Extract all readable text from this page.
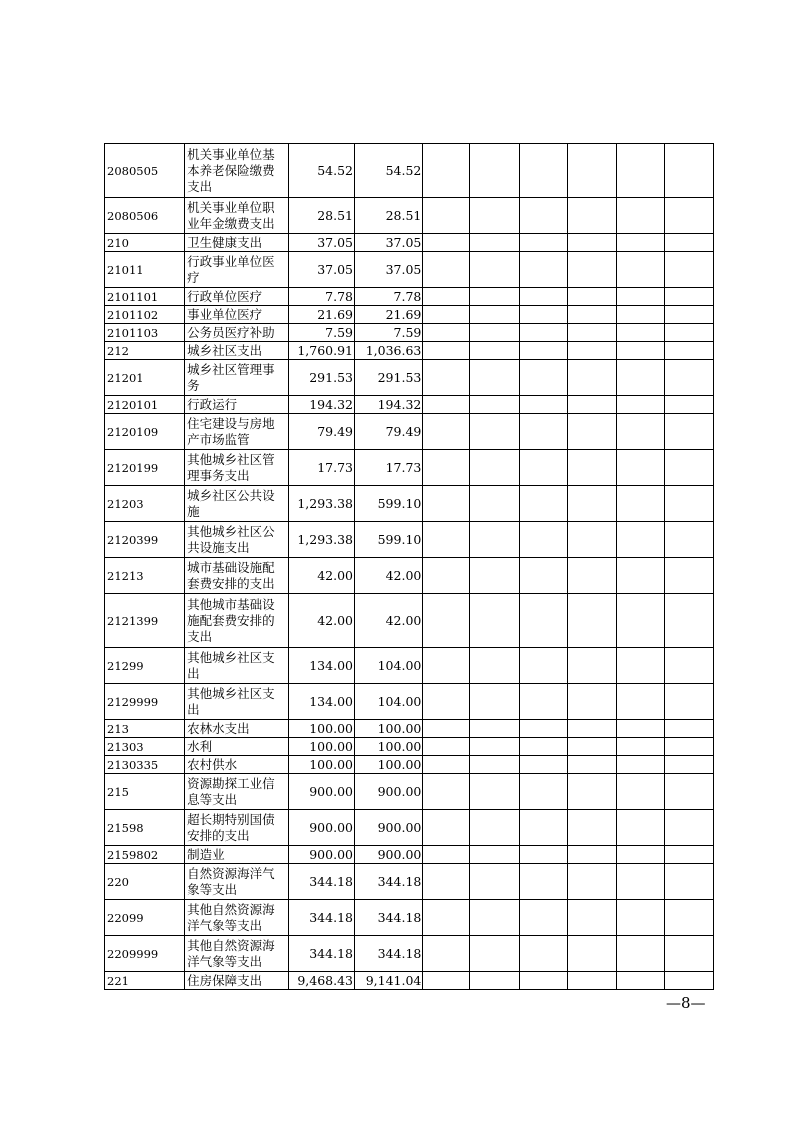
2080505	机关事业单位基本养老保险缴费支出	54.52	54.52						
2080506	机关事业单位职业年金缴费支出	28.51	28.51						
210	卫生健康支出	37.05	37.05						
21011	行政事业单位医疗	37.05	37.05						
2101101	行政单位医疗	7.78	7.78						
2101102	事业单位医疗	21.69	21.69						
2101103	公务员医疗补助	7.59	7.59						
212	城乡社区支出	1,760.91	1,036.63						
21201	城乡社区管理事务	291.53	291.53						
2120101	行政运行	194.32	194.32						
2120109	住宅建设与房地产市场监管	79.49	79.49						
2120199	其他城乡社区管理事务支出	17.73	17.73						
21203	城乡社区公共设施	1,293.38	599.10						
2120399	其他城乡社区公共设施支出	1,293.38	599.10						
21213	城市基础设施配套费安排的支出	42.00	42.00						
2121399	其他城市基础设施配套费安排的支出	42.00	42.00						
21299	其他城乡社区支出	134.00	104.00						
2129999	其他城乡社区支出	134.00	104.00						
213	农林水支出	100.00	100.00						
21303	水利	100.00	100.00						
2130335	农村供水	100.00	100.00						
215	资源勘探工业信息等支出	900.00	900.00						
21598	超长期特别国债安排的支出	900.00	900.00						
2159802	制造业	900.00	900.00						
220	自然资源海洋气象等支出	344.18	344.18						
22099	其他自然资源海洋气象等支出	344.18	344.18						
2209999	其他自然资源海洋气象等支出	344.18	344.18						
221	住房保障支出	9,468.43	9,141.04						
—8—
